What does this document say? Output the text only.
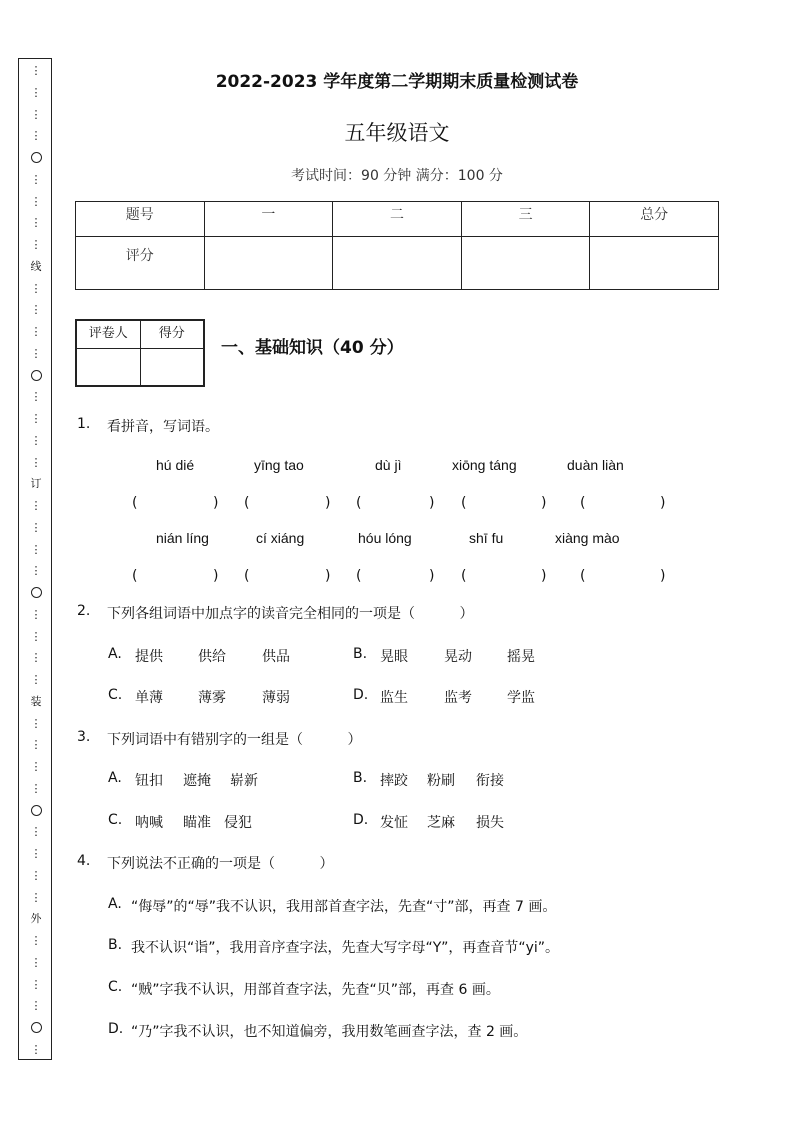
⋮
⋮
⋮
⋮
⋮
⋮
⋮
⋮
线
⋮
⋮
⋮
⋮
⋮
⋮
⋮
⋮
订
⋮
⋮
⋮
⋮
⋮
⋮
⋮
⋮
装
⋮
⋮
⋮
⋮
⋮
⋮
⋮
⋮
外
⋮
⋮
⋮
⋮
⋮
2022-2023 学年度第二学期期末质量检测试卷
五年级语文
考试时间：90 分钟 满分：100 分
题号	一	二	三	总分
评分				
评卷人	得分

一、基础知识（40 分）
1. 看拼音，写词语。
hú dié	yīng tao	dù jì	xiōng táng	duàn liàn
(	) (	) (	) (	) (	)
nián líng	cí xiáng	hóu lóng	shī fu	xiàng mào
(	) (	) (	) (	) (	)
2. 下列各组词语中加点字的读音完全相同的一项是（          ）
A. 提供	供给	供品	B. 晃眼	晃动	摇晃
C. 单薄	薄雾	薄弱	D. 监生	监考	学监
3. 下列词语中有错别字的一组是（          ）
A. 钮扣 遮掩 崭新	B. 摔跤 粉刷 衔接
C. 呐喊 瞄准 侵犯	D. 发怔 芝麻 损失
4. 下列说法不正确的一项是（          ）
A. “侮辱”的“辱”我不认识，我用部首查字法，先查“寸”部，再查 7 画。
B. 我不认识“诣”，我用音序查字法，先查大写字母“Y”，再查音节“yi”。
C. “贼”字我不认识，用部首查字法，先查“贝”部，再查 6 画。
D. “乃”字我不认识，也不知道偏旁，我用数笔画查字法，查 2 画。
